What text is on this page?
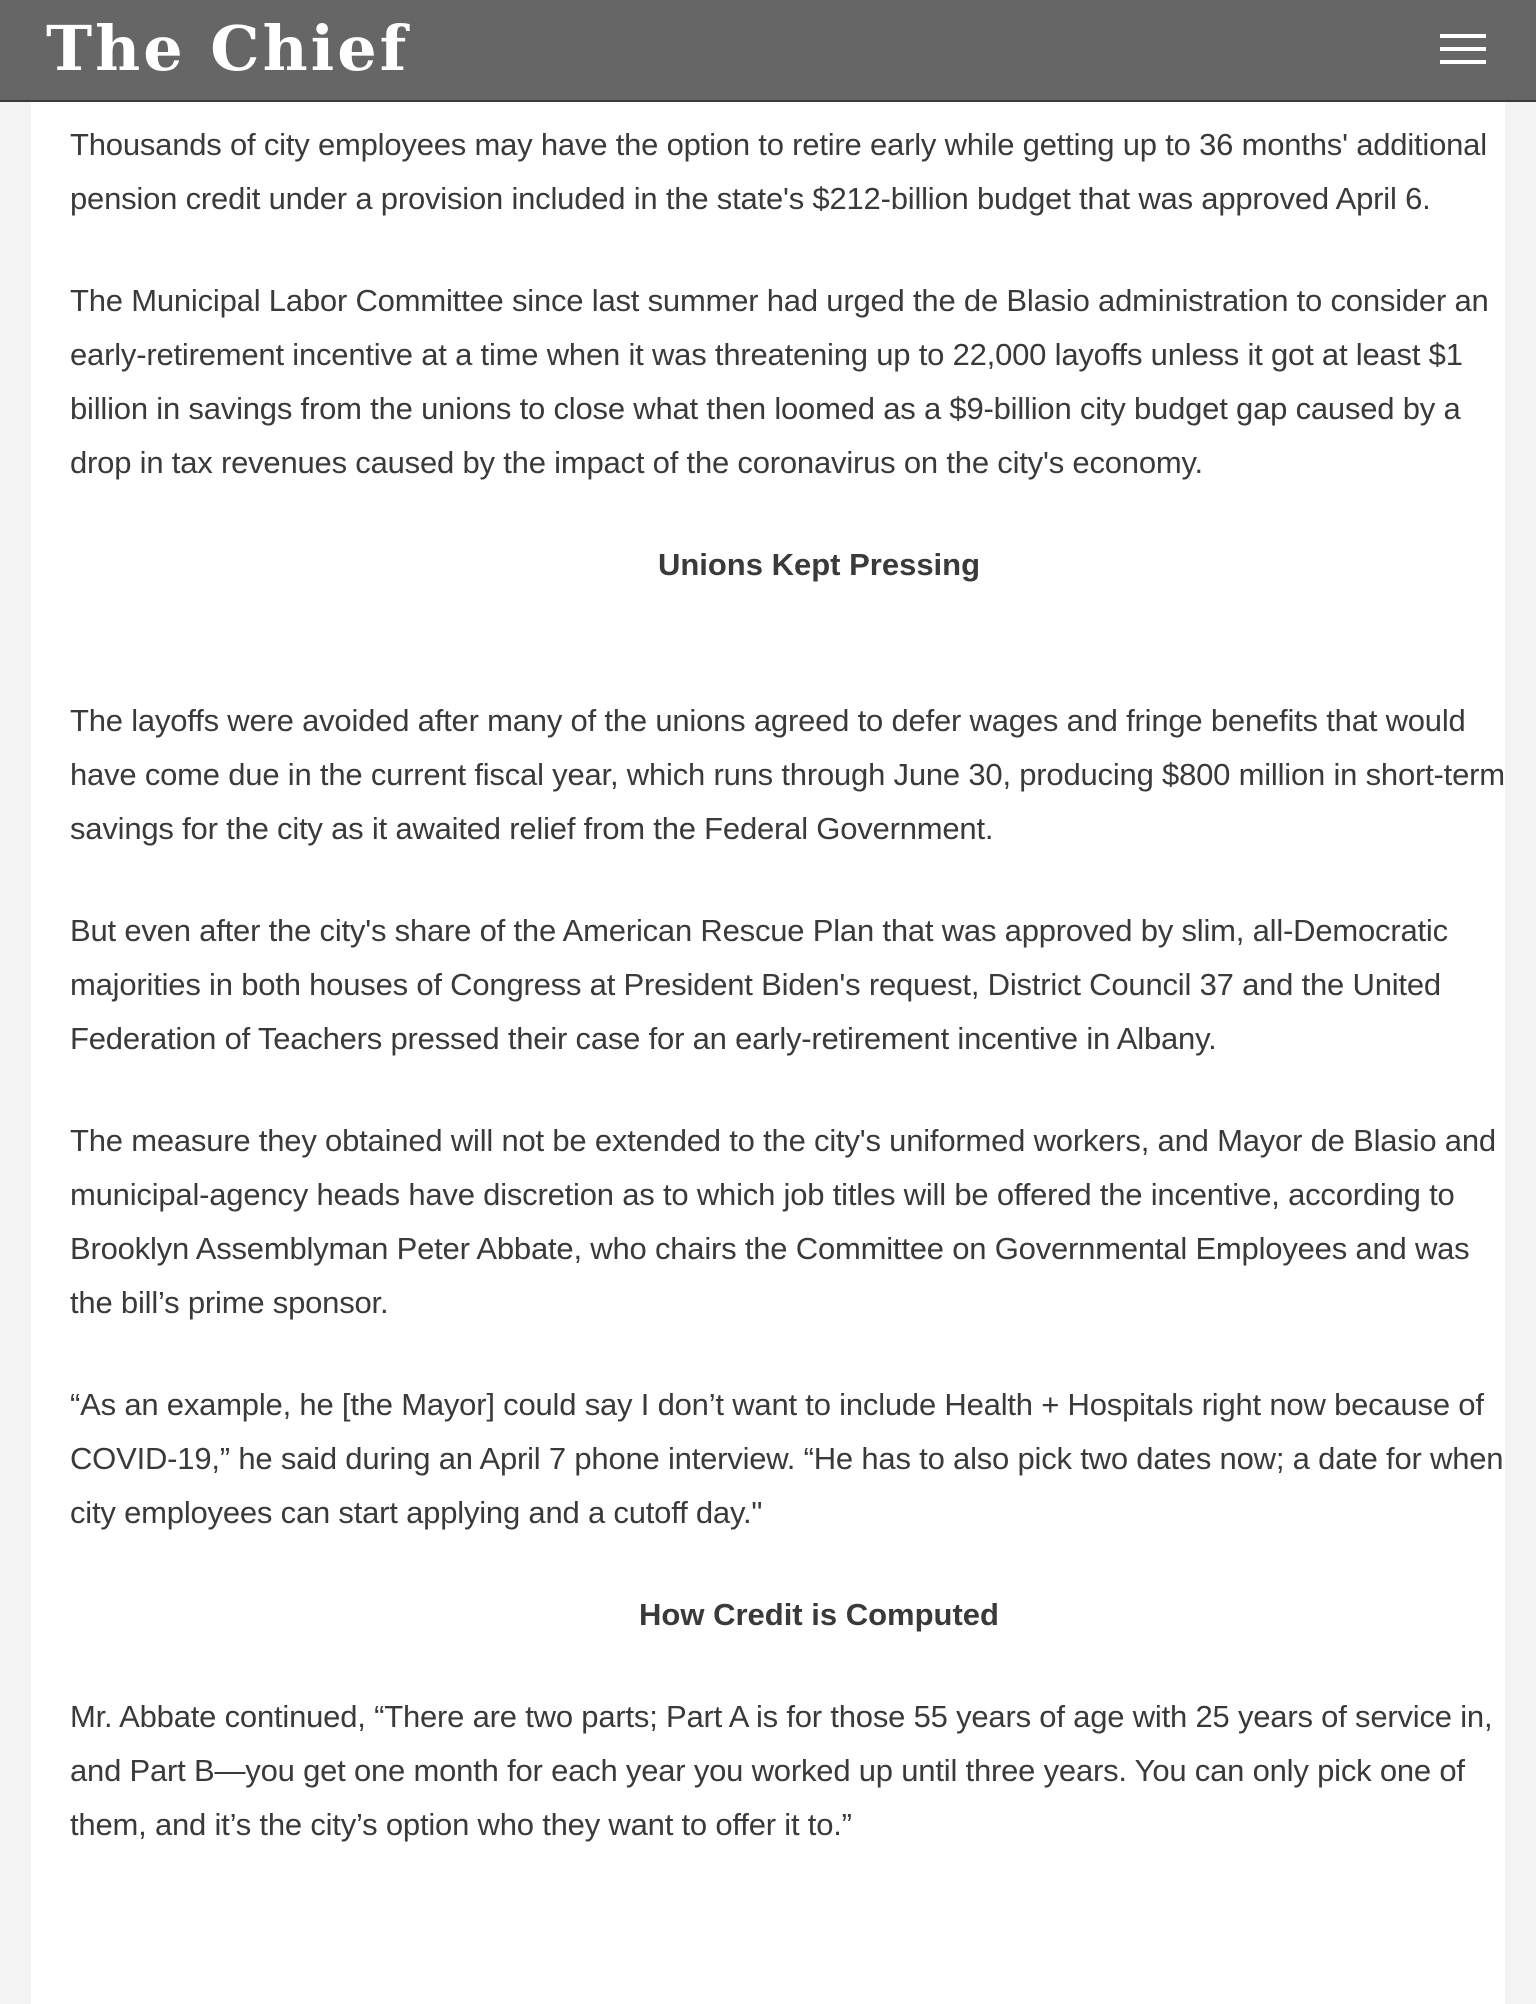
The Chief

Thousands of city employees may have the option to retire early while getting up to 36 months' additional pension credit under a provision included in the state's $212-billion budget that was approved April 6.

The Municipal Labor Committee since last summer had urged the de Blasio administration to consider an early-retirement incentive at a time when it was threatening up to 22,000 layoffs unless it got at least $1 billion in savings from the unions to close what then loomed as a $9-billion city budget gap caused by a drop in tax revenues caused by the impact of the coronavirus on the city's economy.

Unions Kept Pressing

The layoffs were avoided after many of the unions agreed to defer wages and fringe benefits that would have come due in the current fiscal year, which runs through June 30, producing $800 million in short-term savings for the city as it awaited relief from the Federal Government.

But even after the city's share of the American Rescue Plan that was approved by slim, all-Democratic majorities in both houses of Congress at President Biden's request, District Council 37 and the United Federation of Teachers pressed their case for an early-retirement incentive in Albany.

The measure they obtained will not be extended to the city's uniformed workers, and Mayor de Blasio and municipal-agency heads have discretion as to which job titles will be offered the incentive, according to Brooklyn Assemblyman Peter Abbate, who chairs the Committee on Governmental Employees and was the bill’s prime sponsor.

“As an example, he [the Mayor] could say I don’t want to include Health + Hospitals right now because of COVID-19,” he said during an April 7 phone interview. “He has to also pick two dates now; a date for when city employees can start applying and a cutoff day."

How Credit is Computed

Mr. Abbate continued, “There are two parts; Part A is for those 55 years of age with 25 years of service in, and Part B—you get one month for each year you worked up until three years. You can only pick one of them, and it’s the city’s option who they want to offer it to.”
